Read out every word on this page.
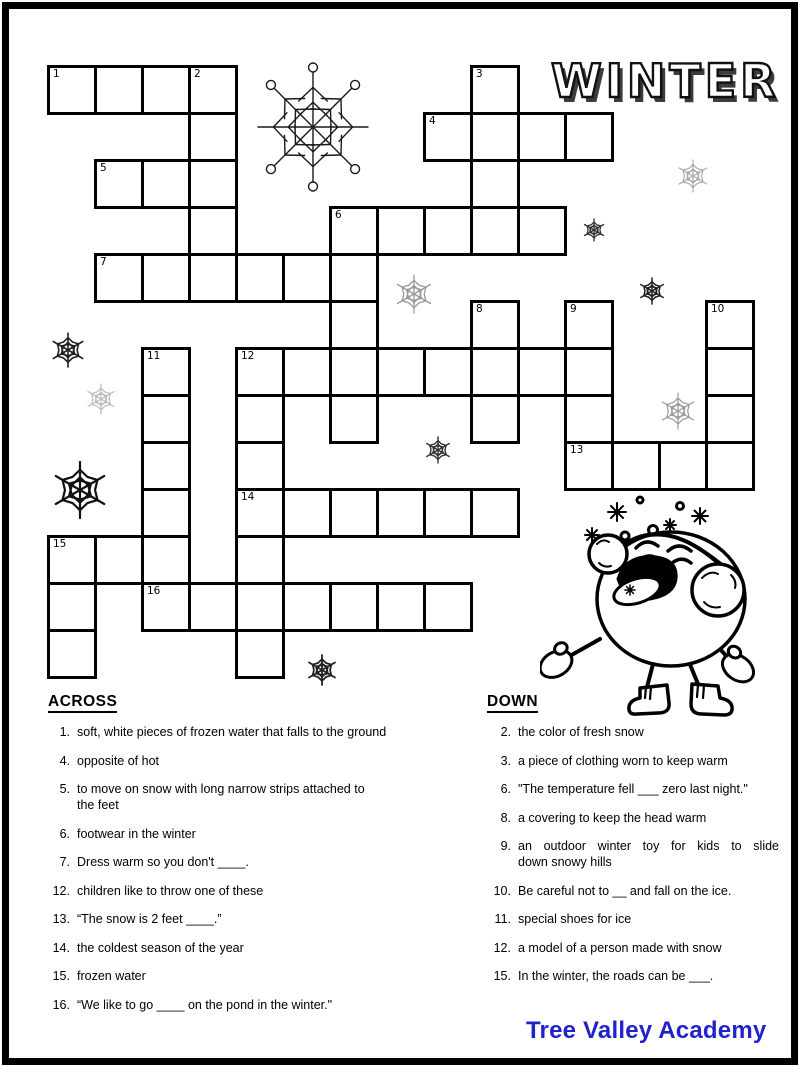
WINTER
1	2	3
4
5
6
7
8	9	10
11	12
13
14
15
16
ACROSS
1. soft, white pieces of frozen water that falls to the ground
4. opposite of hot
5. to move on snow with long narrow strips attached to
the feet
6. footwear in the winter
7. Dress warm so you don't ____.
12. children like to throw one of these
13. “The snow is 2 feet ____.”
14. the coldest season of the year
15. frozen water
16. “We like to go ____ on the pond in the winter."
DOWN
2. the color of fresh snow
3. a piece of clothing worn to keep warm
6. "The temperature fell ___ zero last night."
8. a covering to keep the head warm
9. an outdoor winter toy for kids to slide
down snowy hills
10. Be careful not to __ and fall on the ice.
11. special shoes for ice
12. a model of a person made with snow
15. In the winter, the roads can be ___.
Tree Valley Academy
